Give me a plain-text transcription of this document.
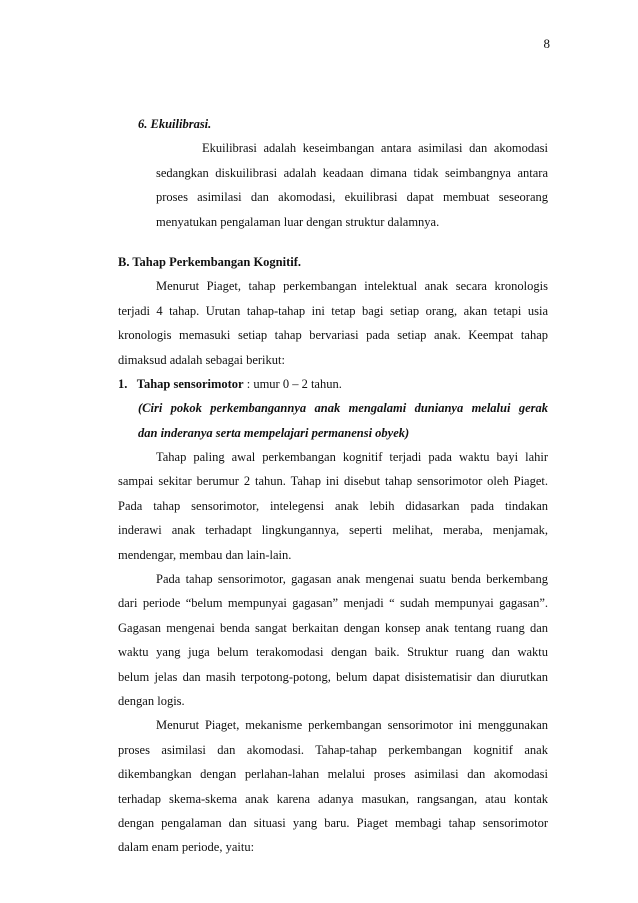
8
6. Ekuilibrasi.
Ekuilibrasi adalah keseimbangan antara asimilasi dan akomodasi
sedangkan diskuilibrasi adalah keadaan dimana tidak seimbangnya antara
proses asimilasi dan akomodasi, ekuilibrasi dapat membuat seseorang
menyatukan pengalaman luar dengan struktur dalamnya.
B. Tahap Perkembangan Kognitif.
Menurut Piaget, tahap perkembangan intelektual anak secara kronologis
terjadi 4 tahap. Urutan tahap-tahap ini tetap bagi setiap orang, akan tetapi usia
kronologis memasuki setiap tahap bervariasi pada setiap anak. Keempat tahap
dimaksud adalah sebagai berikut:
1. Tahap sensorimotor : umur 0 – 2 tahun.
(Ciri pokok perkembangannya anak mengalami dunianya melalui gerak
dan inderanya serta mempelajari permanensi obyek)
Tahap paling awal perkembangan kognitif terjadi pada waktu bayi lahir
sampai sekitar berumur 2 tahun. Tahap ini disebut tahap sensorimotor oleh Piaget.
Pada tahap sensorimotor, intelegensi anak lebih didasarkan pada tindakan
inderawi anak terhadapt lingkungannya, seperti melihat, meraba, menjamak,
mendengar, membau dan lain-lain.
Pada tahap sensorimotor, gagasan anak mengenai suatu benda berkembang
dari periode “belum mempunyai gagasan” menjadi “ sudah mempunyai gagasan”.
Gagasan mengenai benda sangat berkaitan dengan konsep anak tentang ruang dan
waktu yang juga belum terakomodasi dengan baik. Struktur ruang dan waktu
belum jelas dan masih terpotong-potong, belum dapat disistematisir dan diurutkan
dengan logis.
Menurut Piaget, mekanisme perkembangan sensorimotor ini menggunakan
proses asimilasi dan akomodasi. Tahap-tahap perkembangan kognitif anak
dikembangkan dengan perlahan-lahan melalui proses asimilasi dan akomodasi
terhadap skema-skema anak karena adanya masukan, rangsangan, atau kontak
dengan pengalaman dan situasi yang baru. Piaget membagi tahap sensorimotor
dalam enam periode, yaitu:
